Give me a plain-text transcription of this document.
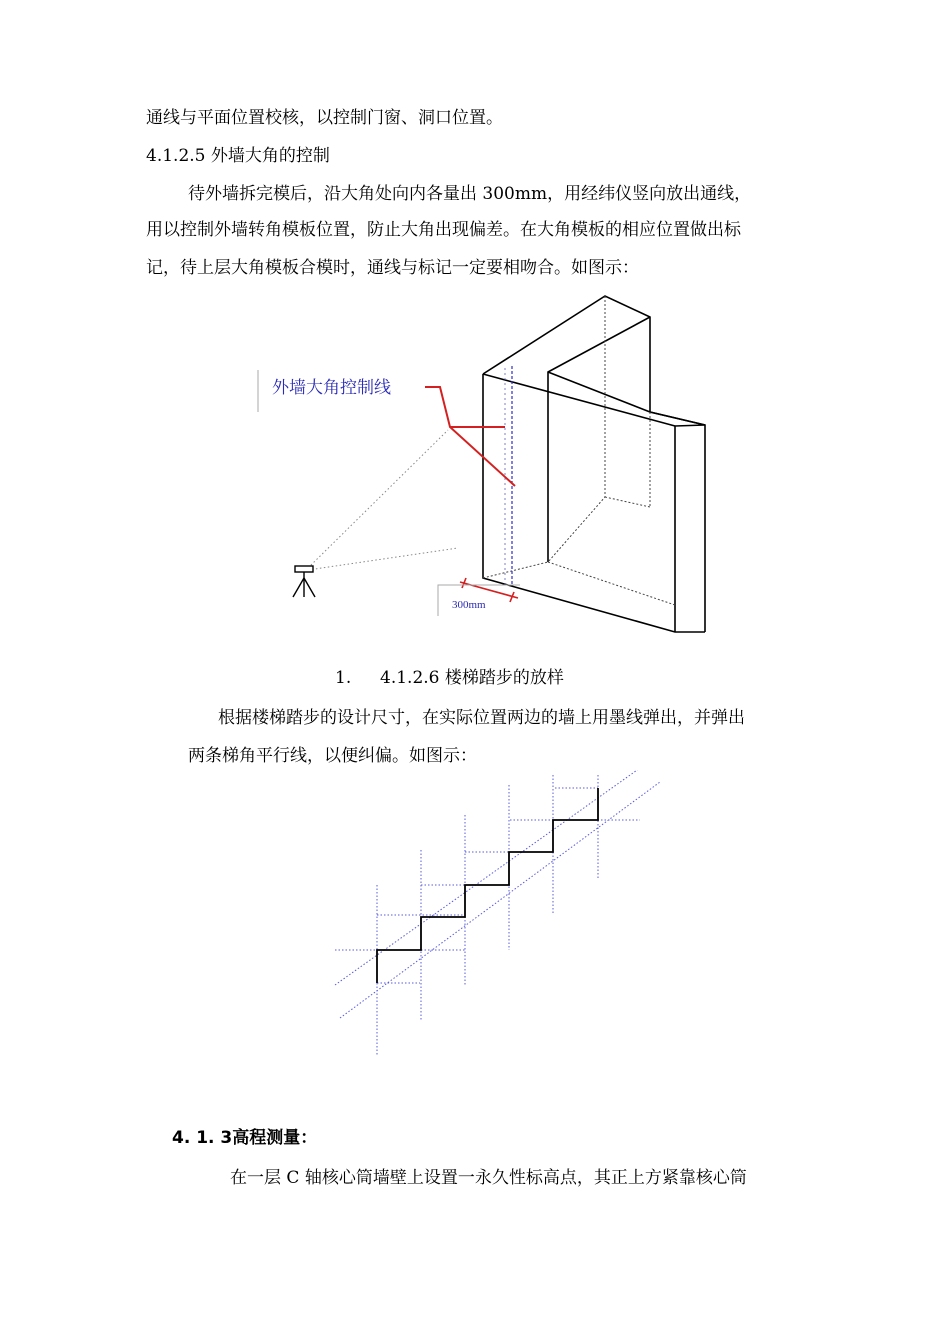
通线与平面位置校核，以控制门窗、洞口位置。
4.1.2.5 外墙大角的控制
待外墙拆完模后，沿大角处向内各量出 300mm，用经纬仪竖向放出通线，
用以控制外墙转角模板位置，防止大角出现偏差。在大角模板的相应位置做出标
记，待上层大角模板合模时，通线与标记一定要相吻合。如图示：
外墙大角控制线
300mm
1. 4.1.2.6 楼梯踏步的放样
根据楼梯踏步的设计尺寸，在实际位置两边的墙上用墨线弹出，并弹出
两条梯角平行线，以便纠偏。如图示：
4. 1. 3高程测量：
在一层 C 轴核心筒墙壁上设置一永久性标高点，其正上方紧靠核心筒
